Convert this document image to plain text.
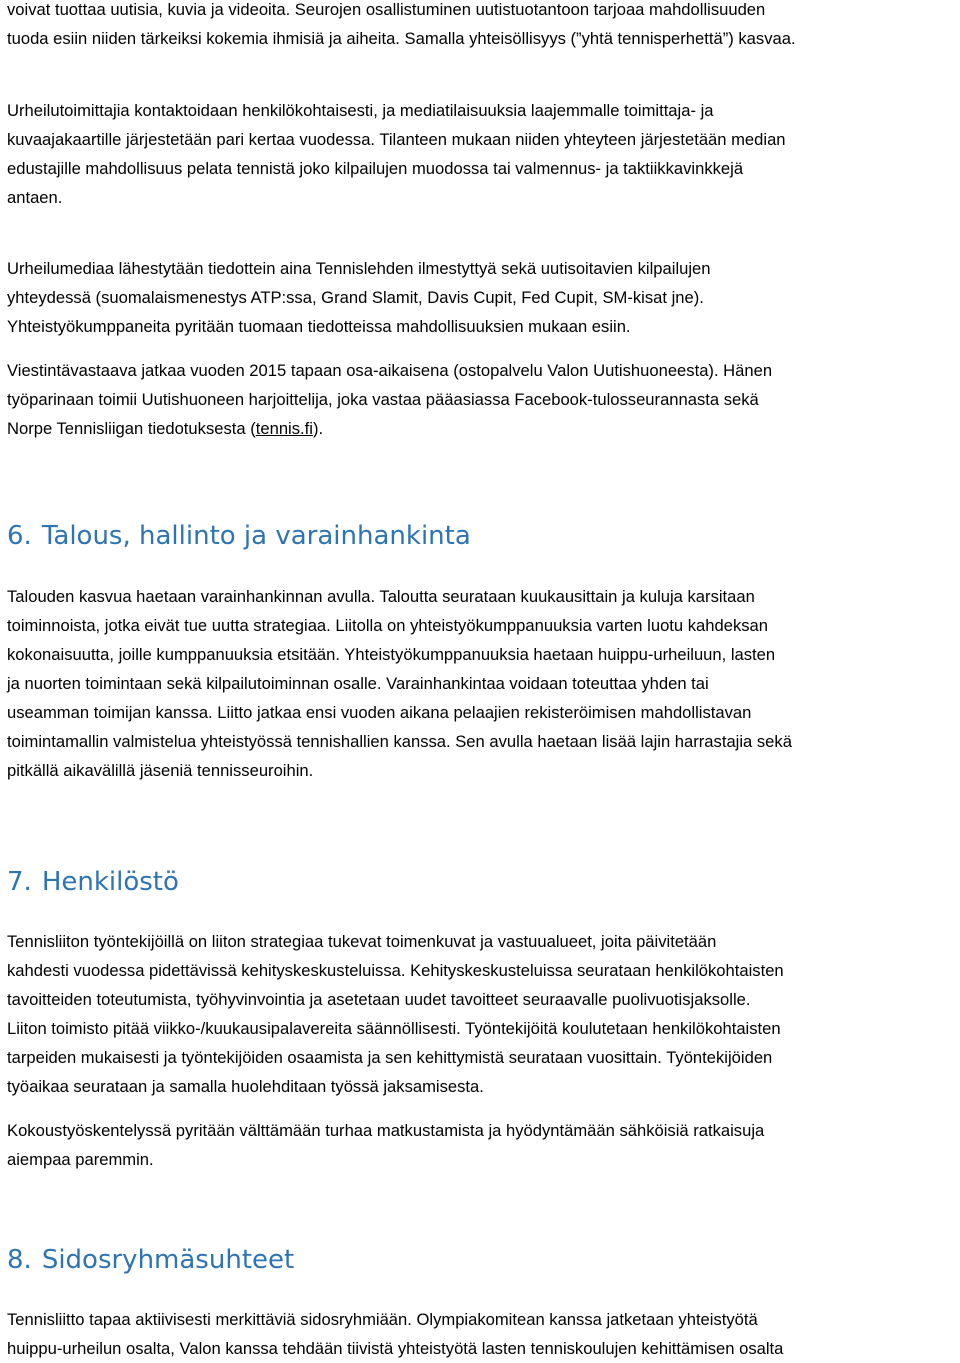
voivat tuottaa uutisia, kuvia ja videoita. Seurojen osallistuminen uutistuotantoon tarjoaa mahdollisuuden
tuoda esiin niiden tärkeiksi kokemia ihmisiä ja aiheita. Samalla yhteisöllisyys (”yhtä tennisperhettä”) kasvaa.
Urheilutoimittajia kontaktoidaan henkilökohtaisesti, ja mediatilaisuuksia laajemmalle toimittaja- ja
kuvaajakaartille järjestetään pari kertaa vuodessa. Tilanteen mukaan niiden yhteyteen järjestetään median
edustajille mahdollisuus pelata tennistä joko kilpailujen muodossa tai valmennus- ja taktiikkavinkkejä
antaen.
Urheilumediaa lähestytään tiedottein aina Tennislehden ilmestyttyä sekä uutisoitavien kilpailujen
yhteydessä (suomalaismenestys ATP:ssa, Grand Slamit, Davis Cupit, Fed Cupit, SM-kisat jne).
Yhteistyökumppaneita pyritään tuomaan tiedotteissa mahdollisuuksien mukaan esiin.
Viestintävastaava jatkaa vuoden 2015 tapaan osa-aikaisena (ostopalvelu Valon Uutishuoneesta). Hänen
työparinaan toimii Uutishuoneen harjoittelija, joka vastaa pääasiassa Facebook-tulosseurannasta sekä
Norpe Tennisliigan tiedotuksesta (tennis.fi).
6. Talous, hallinto ja varainhankinta
Talouden kasvua haetaan varainhankinnan avulla. Taloutta seurataan kuukausittain ja kuluja karsitaan
toiminnoista, jotka eivät tue uutta strategiaa. Liitolla on yhteistyökumppanuuksia varten luotu kahdeksan
kokonaisuutta, joille kumppanuuksia etsitään. Yhteistyökumppanuuksia haetaan huippu-urheiluun, lasten
ja nuorten toimintaan sekä kilpailutoiminnan osalle. Varainhankintaa voidaan toteuttaa yhden tai
useamman toimijan kanssa. Liitto jatkaa ensi vuoden aikana pelaajien rekisteröimisen mahdollistavan
toimintamallin valmistelua yhteistyössä tennishallien kanssa. Sen avulla haetaan lisää lajin harrastajia sekä
pitkällä aikavälillä jäseniä tennisseuroihin.
7. Henkilöstö
Tennisliiton työntekijöillä on liiton strategiaa tukevat toimenkuvat ja vastuualueet, joita päivitetään
kahdesti vuodessa pidettävissä kehityskeskusteluissa. Kehityskeskusteluissa seurataan henkilökohtaisten
tavoitteiden toteutumista, työhyvinvointia ja asetetaan uudet tavoitteet seuraavalle puolivuotisjaksolle.
Liiton toimisto pitää viikko-/kuukausipalavereita säännöllisesti. Työntekijöitä koulutetaan henkilökohtaisten
tarpeiden mukaisesti ja työntekijöiden osaamista ja sen kehittymistä seurataan vuosittain. Työntekijöiden
työaikaa seurataan ja samalla huolehditaan työssä jaksamisesta.
Kokoustyöskentelyssä pyritään välttämään turhaa matkustamista ja hyödyntämään sähköisiä ratkaisuja
aiempaa paremmin.
8. Sidosryhmäsuhteet
Tennisliitto tapaa aktiivisesti merkittäviä sidosryhmiään. Olympiakomitean kanssa jatketaan yhteistyötä
huippu-urheilun osalta, Valon kanssa tehdään tiivistä yhteistyötä lasten tenniskoulujen kehittämisen osalta
